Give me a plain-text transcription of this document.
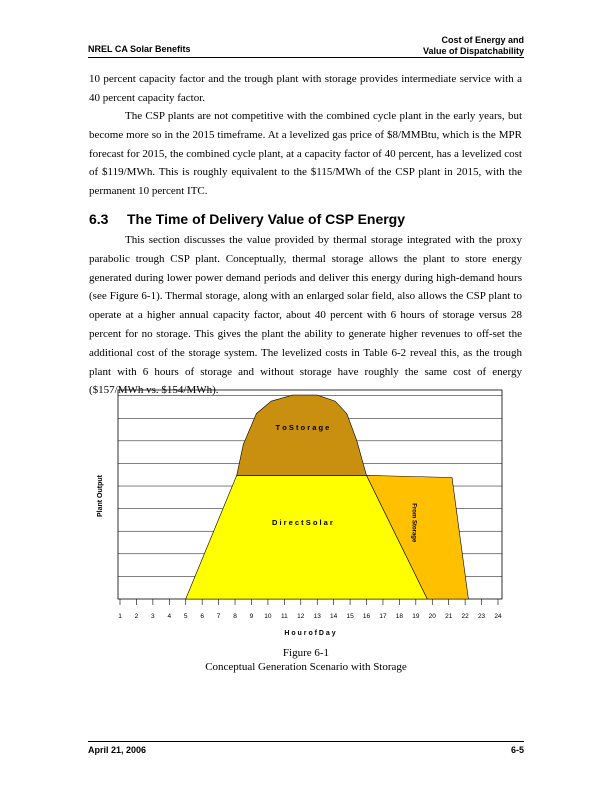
NREL CA Solar Benefits
Cost of Energy and
Value of Dispatchability

10 percent capacity factor and the trough plant with storage provides intermediate service with a 40 percent capacity factor.

The CSP plants are not competitive with the combined cycle plant in the early years, but become more so in the 2015 timeframe. At a levelized gas price of $8/MMBtu, which is the MPR forecast for 2015, the combined cycle plant, at a capacity factor of 40 percent, has a levelized cost of $119/MWh. This is roughly equivalent to the $115/MWh of the CSP plant in 2015, with the permanent 10 percent ITC.

6.3 The Time of Delivery Value of CSP Energy

This section discusses the value provided by thermal storage integrated with the proxy parabolic trough CSP plant. Conceptually, thermal storage allows the plant to store energy generated during lower power demand periods and deliver this energy during high-demand hours (see Figure 6-1). Thermal storage, along with an enlarged solar field, also allows the CSP plant to operate at a higher annual capacity factor, about 40 percent with 6 hours of storage versus 28 percent for no storage. This gives the plant the ability to generate higher revenues to off-set the additional cost of the storage system. The levelized costs in Table 6-2 reveal this, as the trough plant with 6 hours of storage and without storage have roughly the same cost of energy ($157/MWh vs. $154/MWh).

T o S t o r a g e
D i r e c t S o l a r	From Storage
1 2 3 4 5 6 7 8 9 10 11 12 13 14 15 16 17 18 19 20 21 22 23 24
Plant Output
H o u r o f D a y
Figure 6-1
Conceptual Generation Scenario with Storage
April 21, 2006	6-5
